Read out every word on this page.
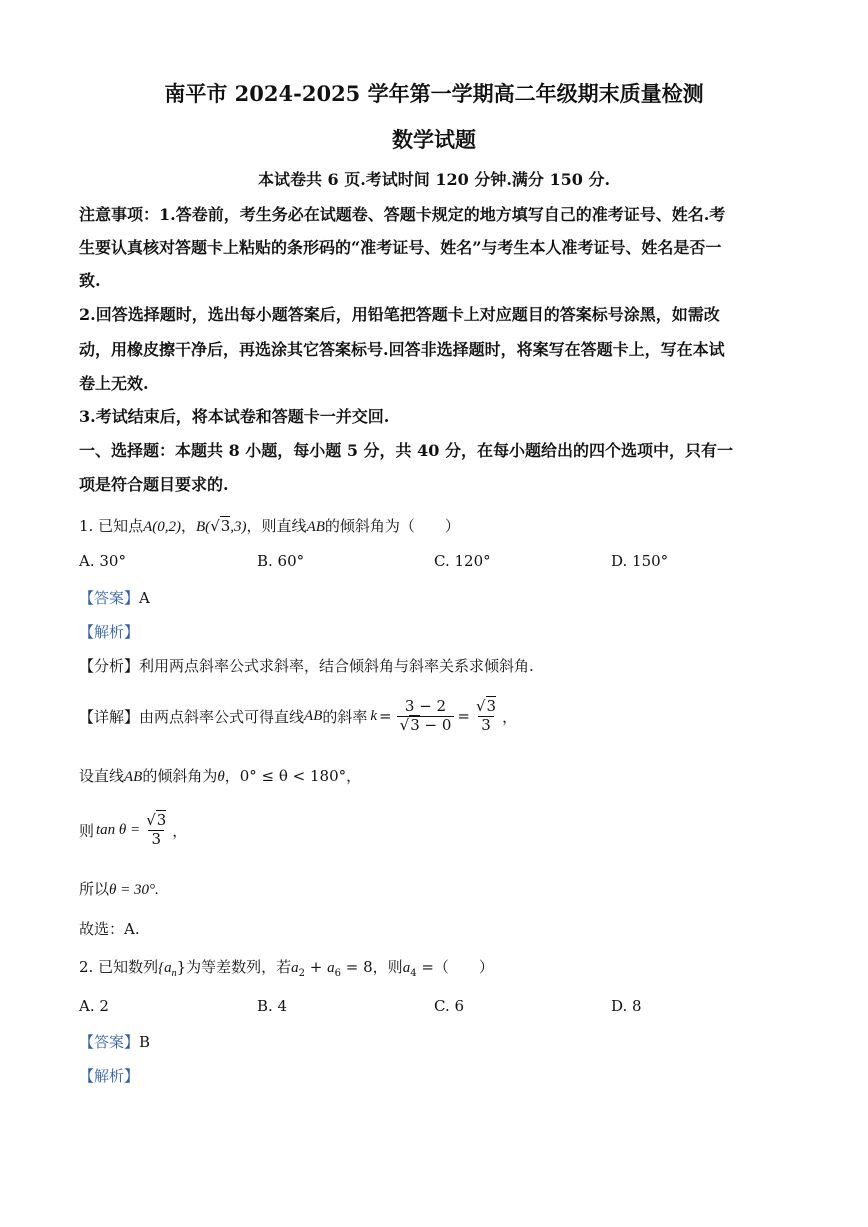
南平市 2024-2025 学年第一学期高二年级期末质量检测
数学试题
本试卷共 6 页.考试时间 120 分钟.满分 150 分.
注意事项：1.答卷前，考生务必在试题卷、答题卡规定的地方填写自己的准考证号、姓名.考
生要认真核对答题卡上粘贴的条形码的“准考证号、姓名”与考生本人准考证号、姓名是否一
致.
2.回答选择题时，选出每小题答案后，用铅笔把答题卡上对应题目的答案标号涂黑，如需改
动，用橡皮擦干净后，再选涂其它答案标号.回答非选择题时，将案写在答题卡上，写在本试
卷上无效.
3.考试结束后，将本试卷和答题卡一并交回.
一、选择题：本题共 8 小题，每小题 5 分，共 40 分，在每小题给出的四个选项中，只有一
项是符合题目要求的.
1. 已知点A(0,2)，B(√3,3)，则直线AB的倾斜角为（　　）
A. 30°	B. 60°	C. 120°	D. 150°
【答案】A
【解析】
【分析】利用两点斜率公式求斜率，结合倾斜角与斜率关系求倾斜角.
【详解】 由两点斜率公式可得直线 AB 的斜率 $k = \frac{3 - 2}{√3 - 0} = \frac{√3}{3}$ ，
设直线AB的倾斜角为θ，0° ≤ θ < 180°，
则 $\tan \theta = \frac{√3}{3}$ ，
所以θ = 30°.
故选：A.
2. 已知数列$\{a_n\}$为等差数列，若$a_2 + a_6 = 8$，则$a_4$ =（　　）
A. 2	B. 4	C. 6	D. 8
【答案】B
【解析】
